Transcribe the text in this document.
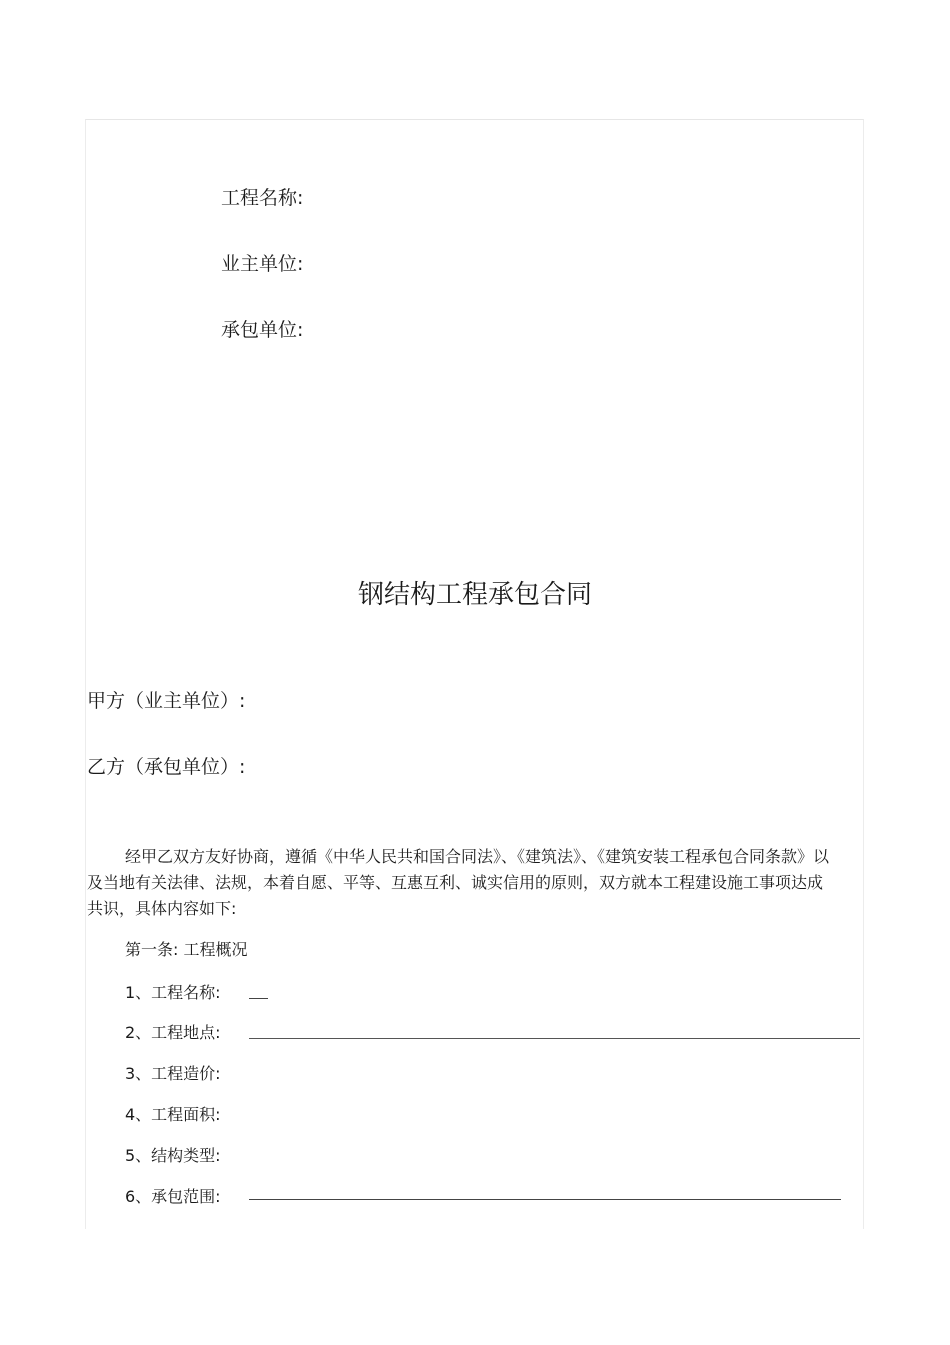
工程名称:
业主单位:
承包单位:
钢结构工程承包合同
甲方（业主单位）:
乙方（承包单位）:
经甲乙双方友好协商，遵循《中华人民共和国合同法》、《建筑法》、《建筑安装工程承包合同条款》以及当地有关法律、法规，本着自愿、平等、互惠互利、诚实信用的原则，双方就本工程建设施工事项达成共识，具体内容如下:
第一条: 工程概况
1、工程名称:
2、工程地点:
3、工程造价:
4、工程面积:
5、结构类型:
6、承包范围:
